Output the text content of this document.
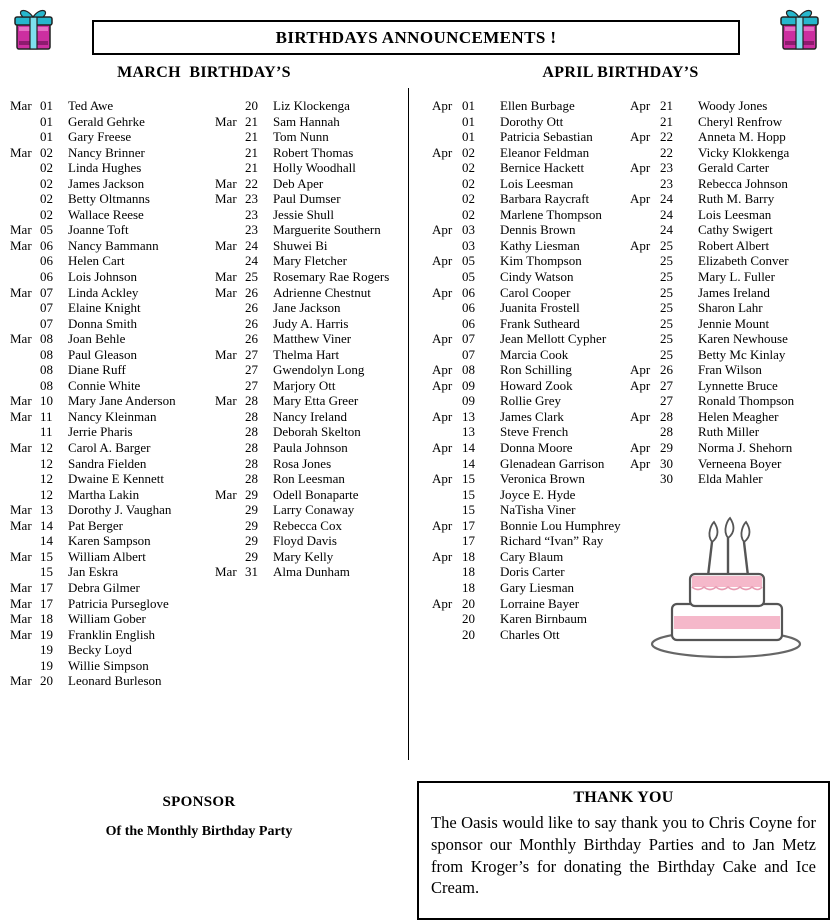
BIRTHDAYS ANNOUNCEMENTS !
MARCH  BIRTHDAY’S	APRIL BIRTHDAY’S
Mar 01	Ted Awe
01	Gerald Gehrke
01	Gary Freese
Mar 02	Nancy Brinner
02	Linda Hughes
02	James Jackson
02	Betty Oltmanns
02	Wallace Reese
Mar 05	Joanne Toft
Mar 06	Nancy Bammann
06	Helen Cart
06	Lois Johnson
Mar 07	Linda Ackley
07	Elaine Knight
07	Donna Smith
Mar 08	Joan Behle
08	Paul Gleason
08	Diane Ruff
08	Connie White
Mar 10	Mary Jane Anderson
Mar 11	Nancy Kleinman
11	Jerrie Pharis
Mar 12	Carol A. Barger
12	Sandra Fielden
12	Dwaine E Kennett
12	Martha Lakin
Mar 13	Dorothy J. Vaughan
Mar 14	Pat Berger
14	Karen Sampson
Mar 15	William Albert
15	Jan Eskra
Mar 17	Debra Gilmer
Mar 17	Patricia Purseglove
Mar 18	William Gober
Mar 19	Franklin English
19	Becky Loyd
19	Willie Simpson
Mar 20	Leonard Burleson
20	Liz Klockenga
Mar 21	Sam Hannah
21	Tom Nunn
21	Robert Thomas
21	Holly Woodhall
Mar 22	Deb Aper
Mar 23	Paul Dumser
23	Jessie Shull
23	Marguerite Southern
Mar 24	Shuwei Bi
24	Mary Fletcher
Mar 25	Rosemary Rae Rogers
Mar 26	Adrienne Chestnut
26	Jane Jackson
26	Judy A. Harris
26	Matthew Viner
Mar 27	Thelma Hart
27	Gwendolyn Long
27	Marjory Ott
Mar 28	Mary Etta Greer
28	Nancy Ireland
28	Deborah Skelton
28	Paula Johnson
28	Rosa Jones
28	Ron Leesman
Mar 29	Odell Bonaparte
29	Larry Conaway
29	Rebecca Cox
29	Floyd Davis
29	Mary Kelly
Mar 31	Alma Dunham
Apr 01	Ellen Burbage
01	Dorothy Ott
01	Patricia Sebastian
Apr 02	Eleanor Feldman
02	Bernice Hackett
02	Lois Leesman
02	Barbara Raycraft
02	Marlene Thompson
Apr 03	Dennis Brown
03	Kathy Liesman
Apr 05	Kim Thompson
05	Cindy Watson
Apr 06	Carol Cooper
06	Juanita Frostell
06	Frank Sutheard
Apr 07	Jean Mellott Cypher
07	Marcia Cook
Apr 08	Ron Schilling
Apr 09	Howard Zook
09	Rollie Grey
Apr 13	James Clark
13	Steve French
Apr 14	Donna Moore
14	Glenadean Garrison
Apr 15	Veronica Brown
15	Joyce E. Hyde
15	NaTisha Viner
Apr 17	Bonnie Lou Humphrey
17	Richard “Ivan” Ray
Apr 18	Cary Blaum
18	Doris Carter
18	Gary Liesman
Apr 20	Lorraine Bayer
20	Karen Birnbaum
20	Charles Ott
Apr 21	Woody Jones
21	Cheryl Renfrow
Apr 22	Anneta M. Hopp
22	Vicky Klokkenga
Apr 23	Gerald Carter
23	Rebecca Johnson
Apr 24	Ruth M. Barry
24	Lois Leesman
24	Cathy Swigert
Apr 25	Robert Albert
25	Elizabeth Conver
25	Mary L. Fuller
25	James Ireland
25	Sharon Lahr
25	Jennie Mount
25	Karen Newhouse
25	Betty Mc Kinlay
Apr 26	Fran Wilson
Apr 27	Lynnette Bruce
27	Ronald Thompson
Apr 28	Helen Meagher
28	Ruth Miller
Apr 29	Norma J. Shehorn
Apr 30	Verneena Boyer
30	Elda Mahler
SPONSOR
Of the Monthly Birthday Party
THANK YOU
The Oasis would like to say thank you to Chris Coyne for sponsor our Monthly Birthday Parties and to Jan Metz from Kroger’s for donating the Birthday Cake and Ice Cream.
